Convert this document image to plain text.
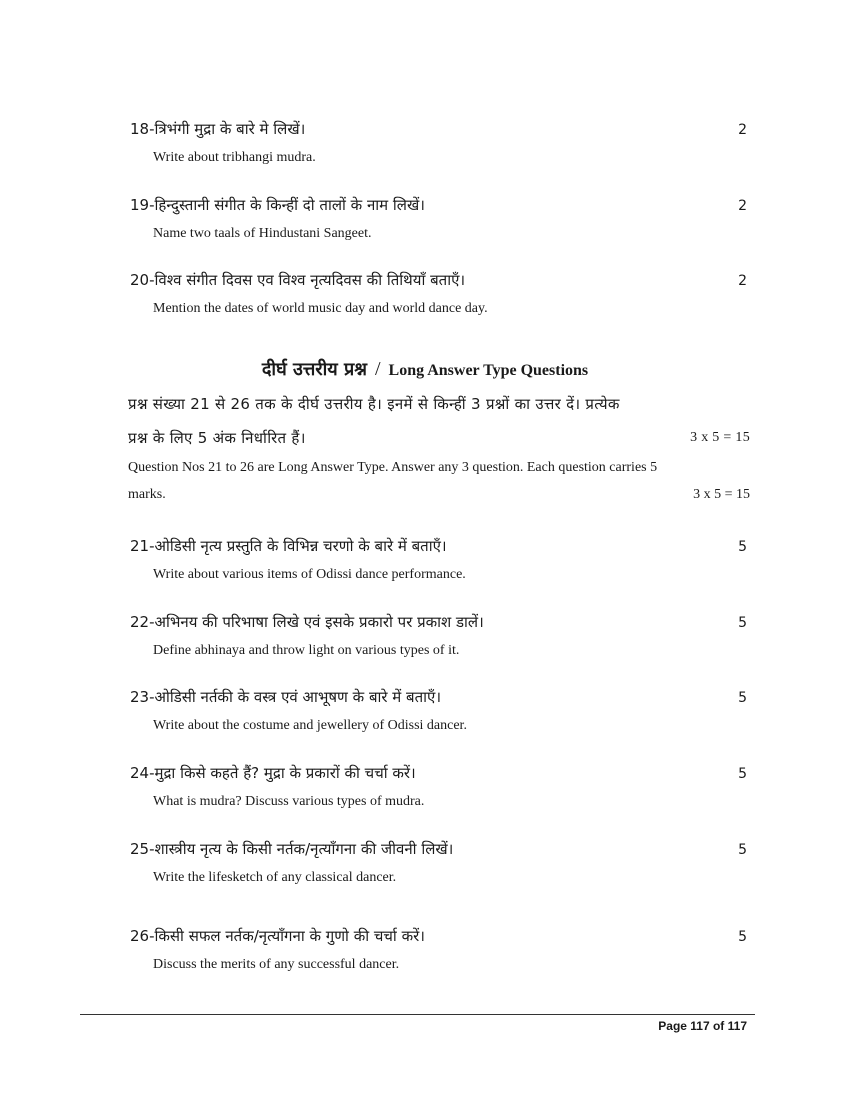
18-त्रिभंगी मुद्रा के बारे मे लिखें।	2
Write about tribhangi mudra.
19-हिन्दुस्तानी संगीत के किन्हीं दो तालों के नाम लिखें।	2
Name two taals of Hindustani Sangeet.
20-विश्व संगीत दिवस एव विश्व नृत्यदिवस की तिथियाँ बताएँ।	2
Mention the dates of world music day and world dance day.
दीर्घ उत्तरीय प्रश्न / Long Answer Type Questions
प्रश्न संख्या 21 से 26 तक के दीर्घ उत्तरीय है। इनमें से किन्हीं 3 प्रश्नों का उत्तर दें। प्रत्येक
प्रश्न के लिए 5 अंक निर्धारित हैं।	3 x 5 = 15
Question Nos 21 to 26 are Long Answer Type. Answer any 3 question. Each question carries 5
marks.	3 x 5 = 15
21-ओडिसी नृत्य प्रस्तुति के विभिन्न चरणो के बारे में बताएँ।	5
Write about various items of Odissi dance performance.
22-अभिनय की परिभाषा लिखे एवं इसके प्रकारो पर प्रकाश डालें।	5
Define abhinaya and throw light on various types of it.
23-ओडिसी नर्तकी के वस्त्र एवं आभूषण के बारे में बताएँ।	5
Write about the costume and jewellery of Odissi dancer.
24-मुद्रा किसे कहते हैं? मुद्रा के प्रकारों की चर्चा करें।	5
What is mudra? Discuss various types of mudra.
25-शास्त्रीय नृत्य के किसी नर्तक/नृत्याँगना की जीवनी लिखें।	5
Write the lifesketch of any classical dancer.
26-किसी सफल नर्तक/नृत्याँगना के गुणो की चर्चा करें।	5
Discuss the merits of any successful dancer.
Page 117 of 117
